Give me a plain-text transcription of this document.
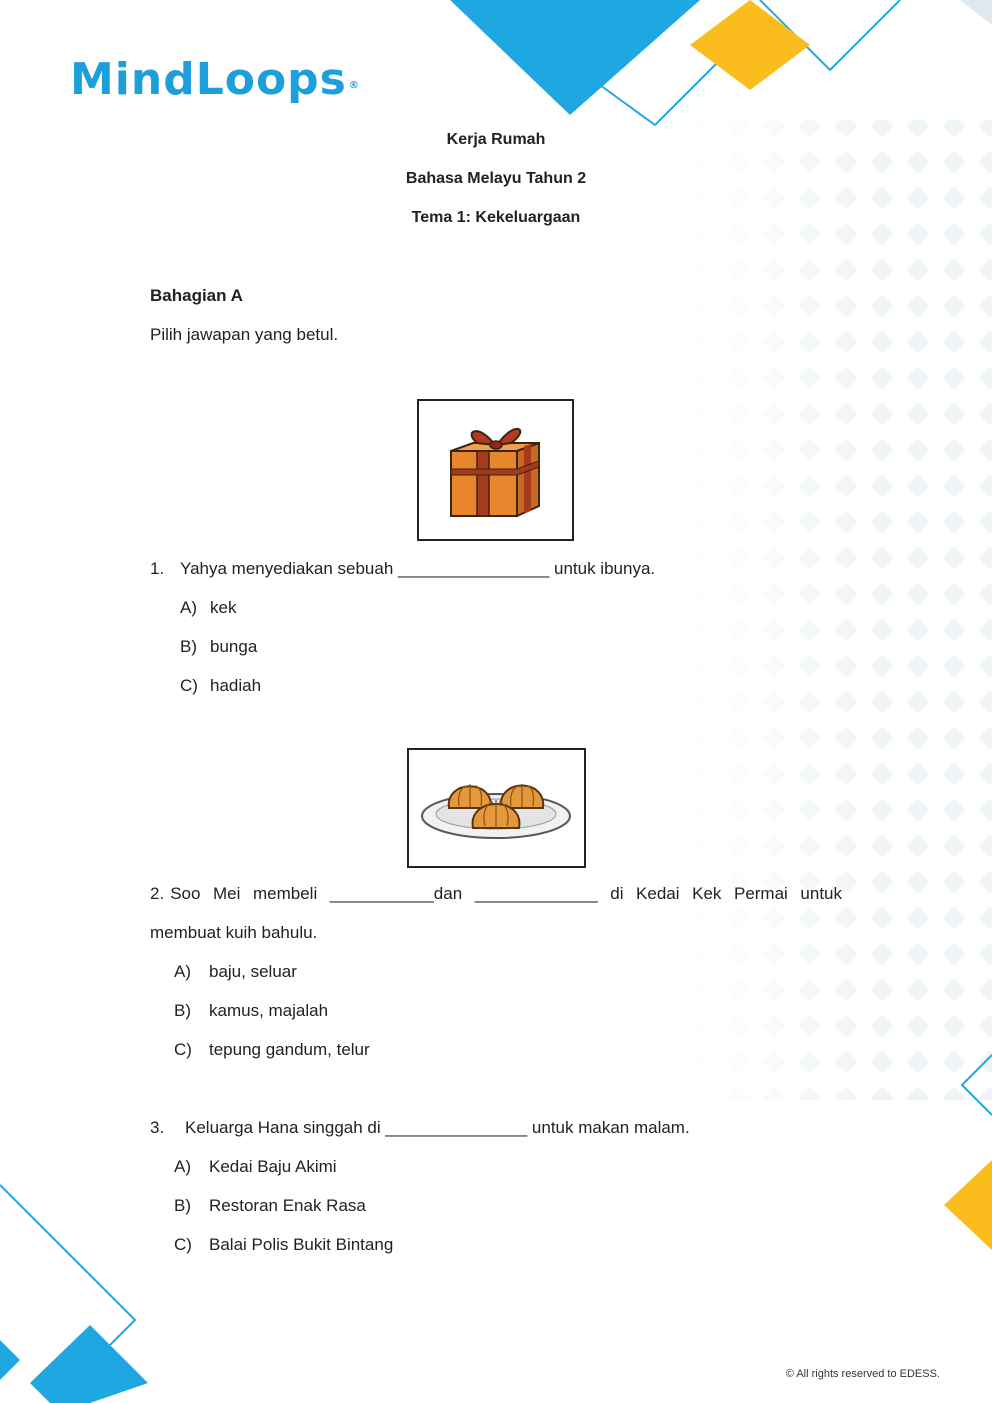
MindLoops ®
Kerja Rumah
Bahasa Melayu Tahun 2
Tema 1: Kekeluargaan
Bahagian A
Pilih jawapan yang betul.
1. Yahya menyediakan sebuah ________________ untuk ibunya.
A) kek
B) bunga
C) hadiah
2. Soo Mei membeli ___________dan _____________ di Kedai Kek Permai untuk
membuat kuih bahulu.
A)	baju, seluar
B)	kamus, majalah
C)	tepung gandum, telur
3. Keluarga Hana singgah di _______________ untuk makan malam.
A)	Kedai Baju Akimi
B)	Restoran Enak Rasa
C)	Balai Polis Bukit Bintang
© All rights reserved to EDESS.
